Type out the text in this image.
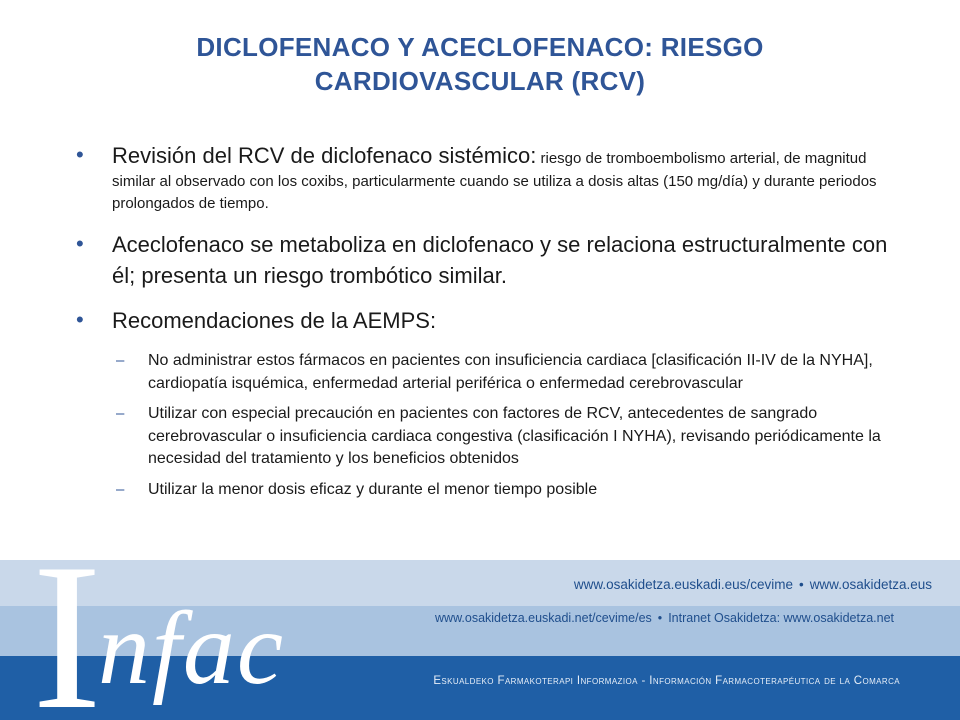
DICLOFENACO Y ACECLOFENACO: RIESGO
CARDIOVASCULAR (RCV)
• Revisión del RCV de diclofenaco sistémico: riesgo de tromboembolismo arterial, de magnitud similar al observado con los coxibs, particularmente cuando se utiliza a dosis altas (150 mg/día) y durante periodos prolongados de tiempo.
• Aceclofenaco se metaboliza en diclofenaco y se relaciona estructuralmente con él; presenta un riesgo trombótico similar.
• Recomendaciones de la AEMPS:
– No administrar estos fármacos en pacientes con insuficiencia cardiaca [clasificación II-IV de la NYHA], cardiopatía isquémica, enfermedad arterial periférica o enfermedad cerebrovascular
– Utilizar con especial precaución en pacientes con factores de RCV, antecedentes de sangrado cerebrovascular o insuficiencia cardiaca congestiva (clasificación I NYHA), revisando periódicamente la necesidad del tratamiento y los beneficios obtenidos
– Utilizar la menor dosis eficaz y durante el menor tiempo posible
www.osakidetza.euskadi.eus/cevime • www.osakidetza.eus
www.osakidetza.euskadi.net/cevime/es • Intranet Osakidetza: www.osakidetza.net
Eskualdeko Farmakoterapi Informazioa - Información Farmacoterapéutica de la Comarca
I
nfac
